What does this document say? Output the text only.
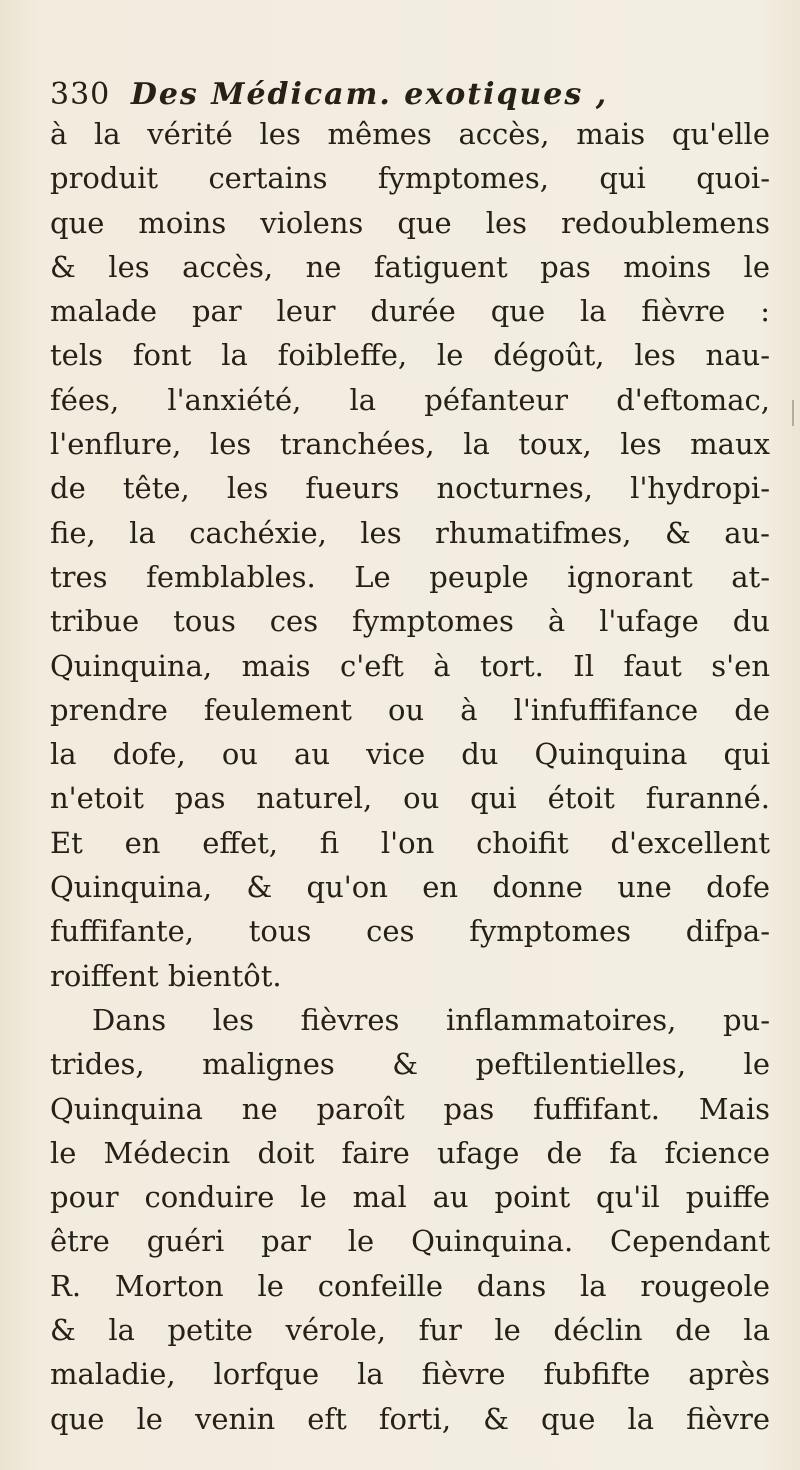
330 Des Médicam. exotiques ,
à la vérité les mêmes accès, mais qu'elle
produit certains fymptomes, qui quoi-
que moins violens que les redoublemens
& les accès, ne fatiguent pas moins le
malade par leur durée que la fièvre :
tels font la foibleffe, le dégoût, les nau-
fées, l'anxiété, la péfanteur d'eftomac,
l'enflure, les tranchées, la toux, les maux
de tête, les fueurs nocturnes, l'hydropi-
fie, la cachéxie, les rhumatifmes, & au-
tres femblables. Le peuple ignorant at-
tribue tous ces fymptomes à l'ufage du
Quinquina, mais c'eft à tort. Il faut s'en
prendre feulement ou à l'infuffifance de
la dofe, ou au vice du Quinquina qui
n'etoit pas naturel, ou qui étoit furanné.
Et en effet, fi l'on choifit d'excellent
Quinquina, & qu'on en donne une dofe
fuffifante, tous ces fymptomes difpa-
roiffent bientôt.
Dans les fièvres inflammatoires, pu-
trides, malignes & peftilentielles, le
Quinquina ne paroît pas fuffifant. Mais
le Médecin doit faire ufage de fa fcience
pour conduire le mal au point qu'il puiffe
être guéri par le Quinquina. Cependant
R. Morton le confeille dans la rougeole
& la petite vérole, fur le déclin de la
maladie, lorfque la fièvre fubfifte après
que le venin eft forti, & que la fièvre
